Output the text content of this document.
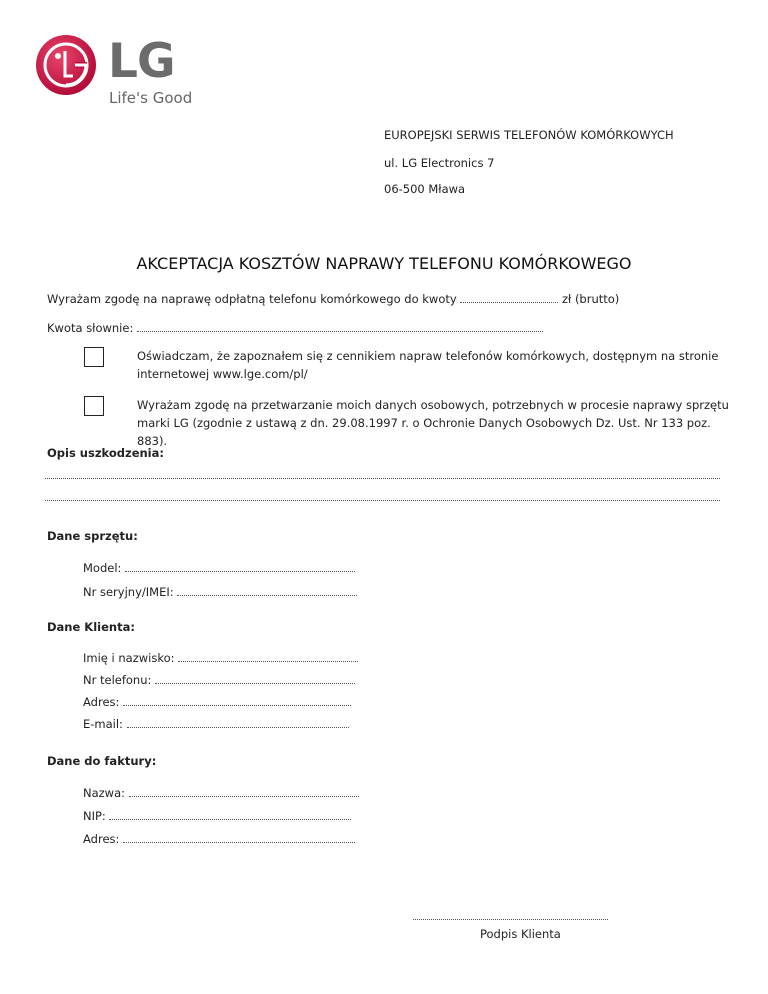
LG
Life's Good
EUROPEJSKI SERWIS TELEFONÓW KOMÓRKOWYCH
ul. LG Electronics 7
06-500 Mława
AKCEPTACJA KOSZTÓW NAPRAWY TELEFONU KOMÓRKOWEGO
Wyrażam zgodę na naprawę odpłatną telefonu komórkowego do kwoty	zł (brutto)
Kwota słownie:
Oświadczam, że zapoznałem się z cennikiem napraw telefonów komórkowych, dostępnym na stronie internetowej www.lge.com/pl/
Wyrażam zgodę na przetwarzanie moich danych osobowych, potrzebnych w procesie naprawy sprzętu marki LG (zgodnie z ustawą z dn. 29.08.1997 r. o Ochronie Danych Osobowych Dz. Ust. Nr 133 poz. 883).
Opis uszkodzenia:
Dane sprzętu:
Model:
Nr seryjny/IMEI:
Dane Klienta:
Imię i nazwisko:
Nr telefonu:
Adres:
E-mail:
Dane do faktury:
Nazwa:
NIP:
Adres:
Podpis Klienta
